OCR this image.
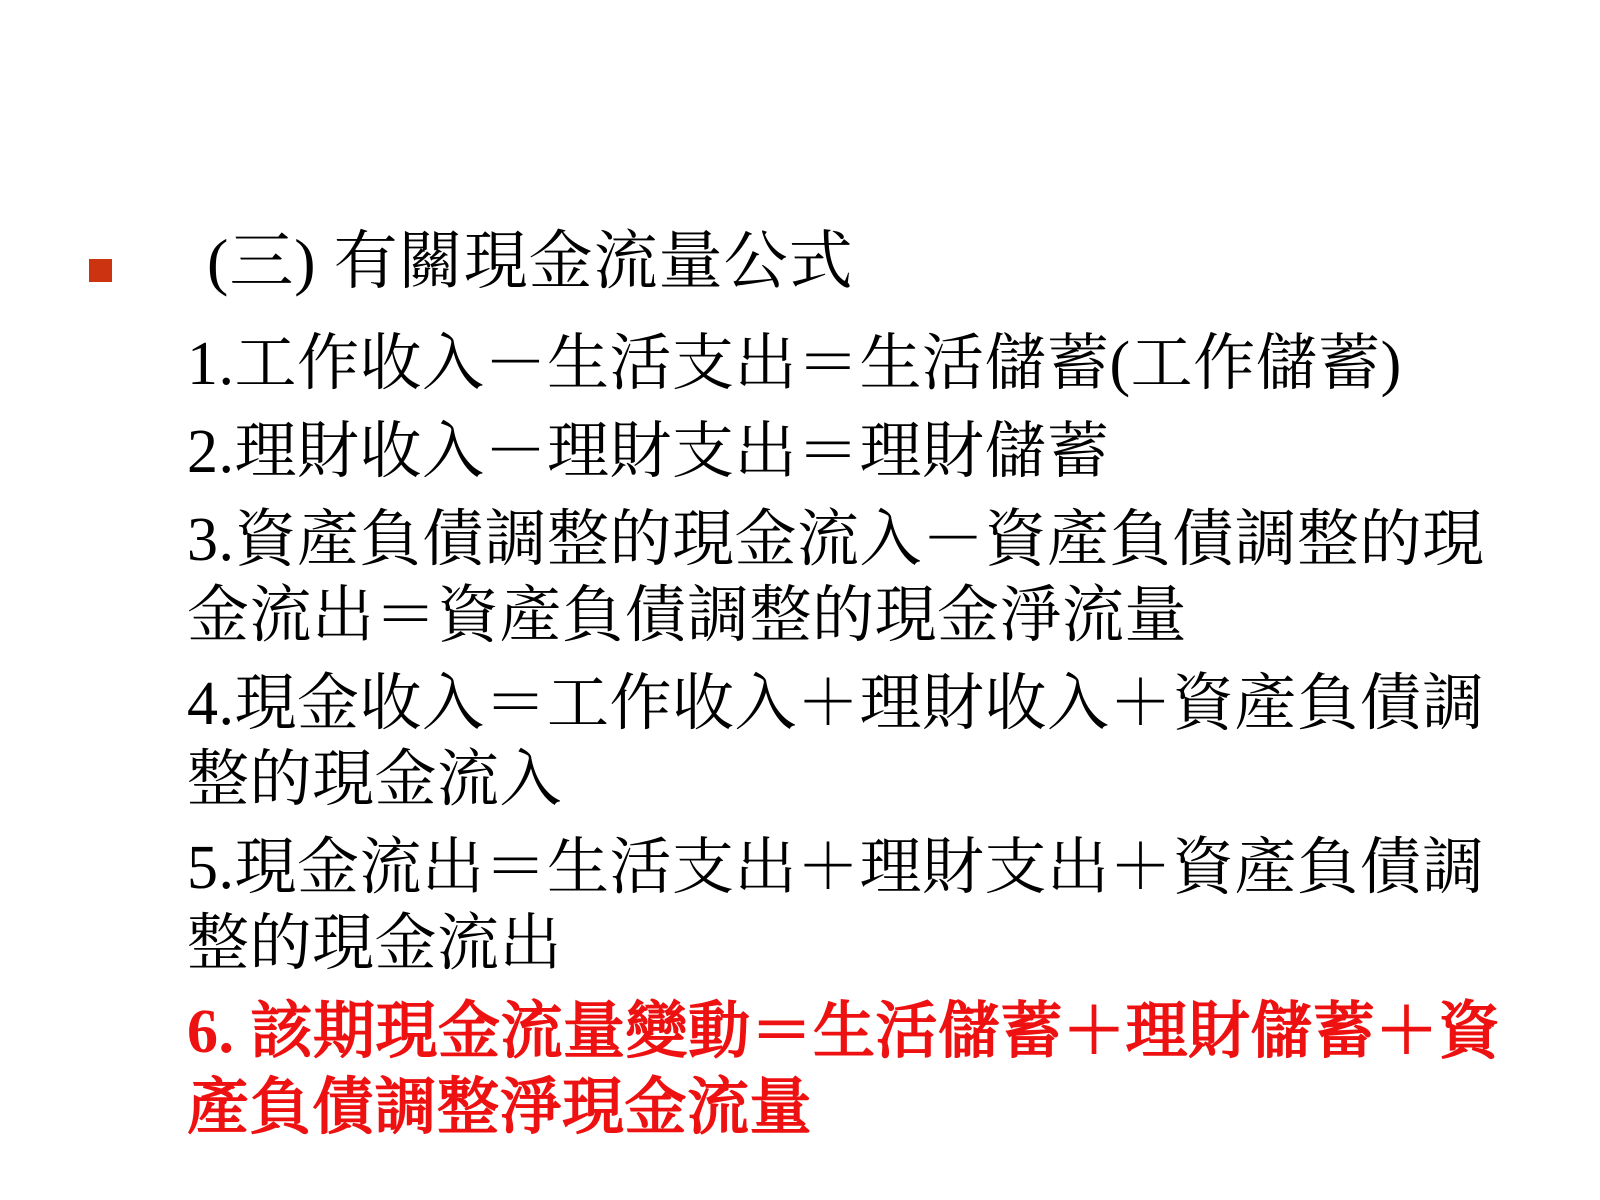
(三) 有關現金流量公式

1.工作收入－生活支出＝生活儲蓄(工作儲蓄)

2.理財收入－理財支出＝理財儲蓄

3.資產負債調整的現金流入－資產負債調整的現
金流出＝資產負債調整的現金淨流量

4.現金收入＝工作收入＋理財收入＋資產負債調
整的現金流入

5.現金流出＝生活支出＋理財支出＋資產負債調
整的現金流出

6. 該期現金流量變動＝生活儲蓄＋理財儲蓄＋資
產負債調整淨現金流量
